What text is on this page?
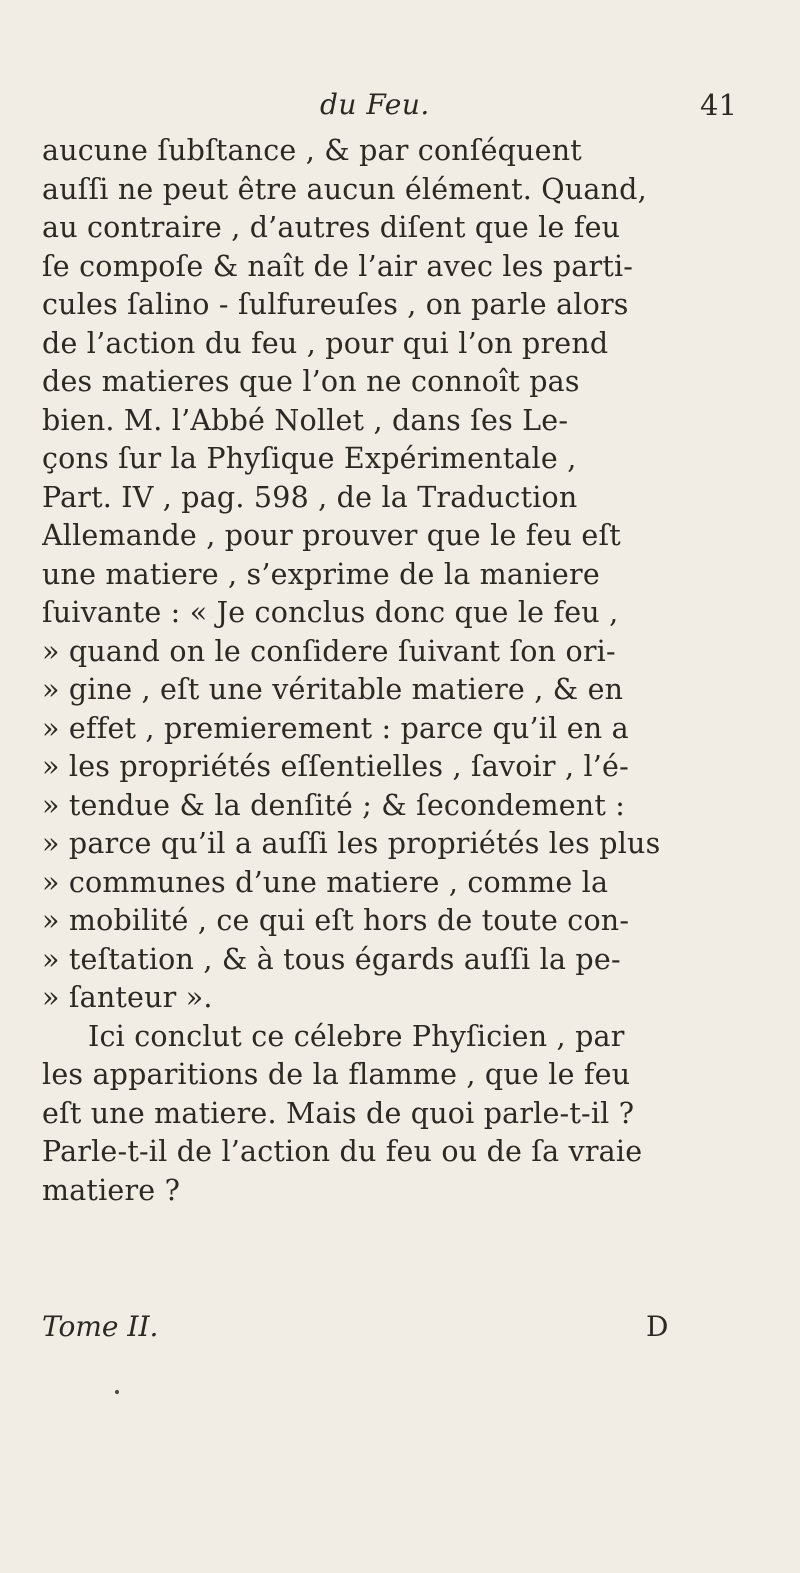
du Feu.	41
aucune ſubſtance , & par conſéquent
auſſi ne peut être aucun élément. Quand,
au contraire , d’autres diſent que le feu
ſe compoſe & naît de l’air avec les parti-
cules ſalino - ſulfureuſes , on parle alors
de l’action du feu , pour qui l’on prend
des matieres que l’on ne connoît pas
bien. M. l’Abbé Nollet , dans ſes Le-
çons ſur la Phyſique Expérimentale ,
Part. IV , pag. 598 , de la Traduction
Allemande , pour prouver que le feu eſt
une matiere , s’exprime de la maniere
ſuivante : « Je conclus donc que le feu ,
» quand on le conſidere ſuivant ſon ori-
» gine , eſt une véritable matiere , & en
» effet , premierement : parce qu’il en a
» les propriétés eſſentielles , ſavoir , l’é-
» tendue & la denſité ; & ſecondement :
» parce qu’il a auſſi les propriétés les plus
» communes d’une matiere , comme la
» mobilité , ce qui eſt hors de toute con-
» teſtation , & à tous égards auſſi la pe-
» ſanteur ».
Ici conclut ce célebre Phyſicien , par
les apparitions de la flamme , que le feu
eſt une matiere. Mais de quoi parle-t-il ?
Parle-t-il de l’action du feu ou de ſa vraie
matiere ?
Tome II.	D
